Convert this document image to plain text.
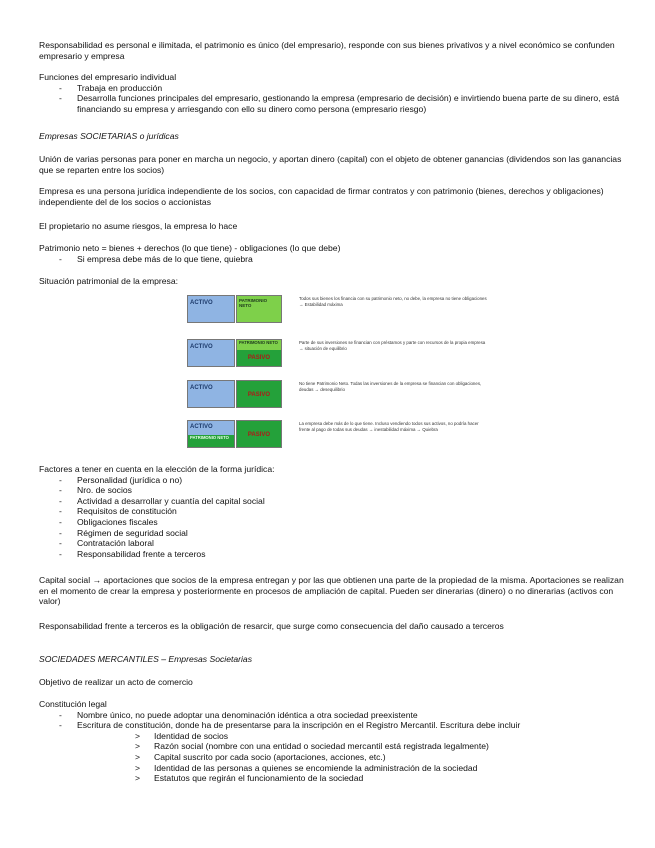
Responsabilidad es personal e ilimitada, el patrimonio es único (del empresario), responde con sus bienes privativos y a nivel económico se confunden empresario y empresa

Funciones del empresario individual

- Trabaja en producción
- Desarrolla funciones principales del empresario, gestionando la empresa (empresario de decisión) e invirtiendo buena parte de su dinero, está financiando su empresa y arriesgando con ello su dinero como persona (empresario riesgo)

Empresas SOCIETARIAS o jurídicas

Unión de varias personas para poner en marcha un negocio, y aportan dinero (capital) con el objeto de obtener ganancias (dividendos son las ganancias que se reparten entre los socios)

Empresa es una persona jurídica independiente de los socios, con capacidad de firmar contratos y con patrimonio (bienes, derechos y obligaciones) independiente del de los socios o accionistas

El propietario no asume riesgos, la empresa lo hace

Patrimonio neto = bienes + derechos (lo que tiene) - obligaciones (lo que debe)

- Si empresa debe más de lo que tiene, quiebra

Situación patrimonial de la empresa:

ACTIVO	PATRIMONIO NETO
Todos sus bienes los financia con su patrimonio neto, no debe, la empresa no tiene obligaciones → Estabilidad máxima
ACTIVO
PATRIMONIO NETO
PASIVO
Parte de sus inversiones se financian con préstamos y parte con recursos de la propia empresa → situación de equilibrio
ACTIVO
PASIVO
No tiene Patrimonio Neto. Todas las inversiones de la empresa se financian con obligaciones, deudas → desequilibrio
ACTIVO
PATRIMONIO NETO	PASIVO
La empresa debe más de lo que tiene. Incluso vendiendo todos sus activos, no podría hacer frente al pago de todas sus deudas → inestabilidad máxima → Quiebra

Factores a tener en cuenta en la elección de la forma jurídica:

- Personalidad (jurídica o no)
- Nro. de socios
- Actividad a desarrollar y cuantía del capital social
- Requisitos de constitución
- Obligaciones fiscales
- Régimen de seguridad social
- Contratación laboral
- Responsabilidad frente a terceros

Capital social → aportaciones que socios de la empresa entregan y por las que obtienen una parte de la propiedad de la misma. Aportaciones se realizan en el momento de crear la empresa y posteriormente en procesos de ampliación de capital. Pueden ser dinerarias (dinero) o no dinerarias (activos con valor)

Responsabilidad frente a terceros es la obligación de resarcir, que surge como consecuencia del daño causado a terceros

SOCIEDADES MERCANTILES – Empresas Societarias

Objetivo de realizar un acto de comercio

Constitución legal

- Nombre único, no puede adoptar una denominación idéntica a otra sociedad preexistente
- Escritura de constitución, donde ha de presentarse para la inscripción en el Registro Mercantil. Escritura debe incluir
> Identidad de socios
> Razón social (nombre con una entidad o sociedad mercantil está registrada legalmente)
> Capital suscrito por cada socio (aportaciones, acciones, etc.)
> Identidad de las personas a quienes se encomiende la administración de la sociedad
> Estatutos que regirán el funcionamiento de la sociedad
